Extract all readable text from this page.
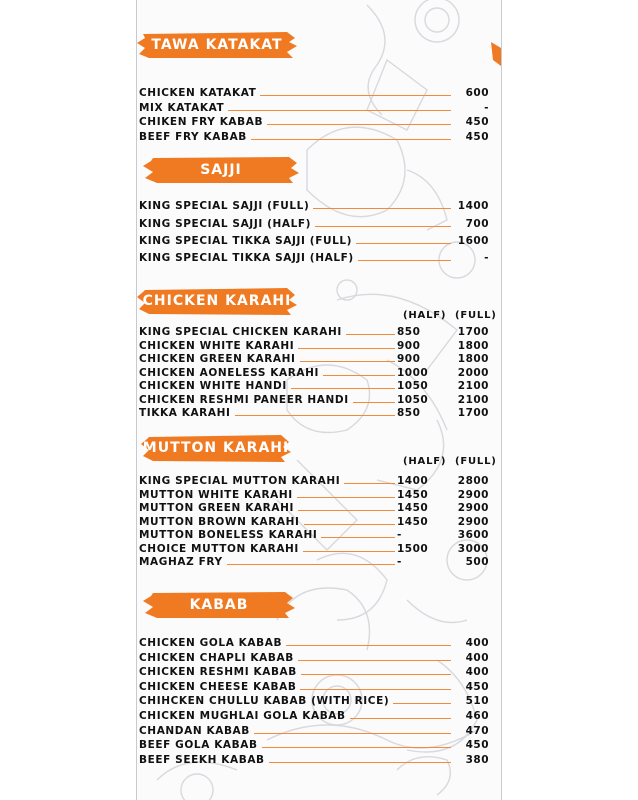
TAWA KATAKAT
CHICKEN KATAKAT	600
MIX KATAKAT	-
CHIKEN FRY KABAB	450
BEEF FRY KABAB	450
SAJJI
KING SPECIAL SAJJI (FULL)	1400
KING SPECIAL SAJJI (HALF)	700
KING SPECIAL TIKKA SAJJI (FULL)	1600
KING SPECIAL TIKKA SAJJI (HALF)	-
CHICKEN KARAHI
(HALF) (FULL)
KING SPECIAL CHICKEN KARAHI	850	1700
CHICKEN WHITE KARAHI	900	1800
CHICKEN GREEN KARAHI	900	1800
CHICKEN AONELESS KARAHI	1000	2000
CHICKEN WHITE HANDI	1050	2100
CHICKEN RESHMI PANEER HANDI	1050	2100
TIKKA KARAHI	850	1700
MUTTON KARAHI
(HALF) (FULL)
KING SPECIAL MUTTON KARAHI	1400	2800
MUTTON WHITE KARAHI	1450	2900
MUTTON GREEN KARAHI	1450	2900
MUTTON BROWN KARAHI	1450	2900
MUTTON BONELESS KARAHI	-	3600
CHOICE MUTTON KARAHI	1500	3000
MAGHAZ FRY	-	500
KABAB
CHICKEN GOLA KABAB	400
CHICKEN CHAPLI KABAB	400
CHICKEN RESHMI KABAB	400
CHICKEN CHEESE KABAB	450
CHIHCKEN CHULLU KABAB (WITH RICE)	510
CHICKEN MUGHLAI GOLA KABAB	460
CHANDAN KABAB	470
BEEF GOLA KABAB	450
BEEF SEEKH KABAB	380
